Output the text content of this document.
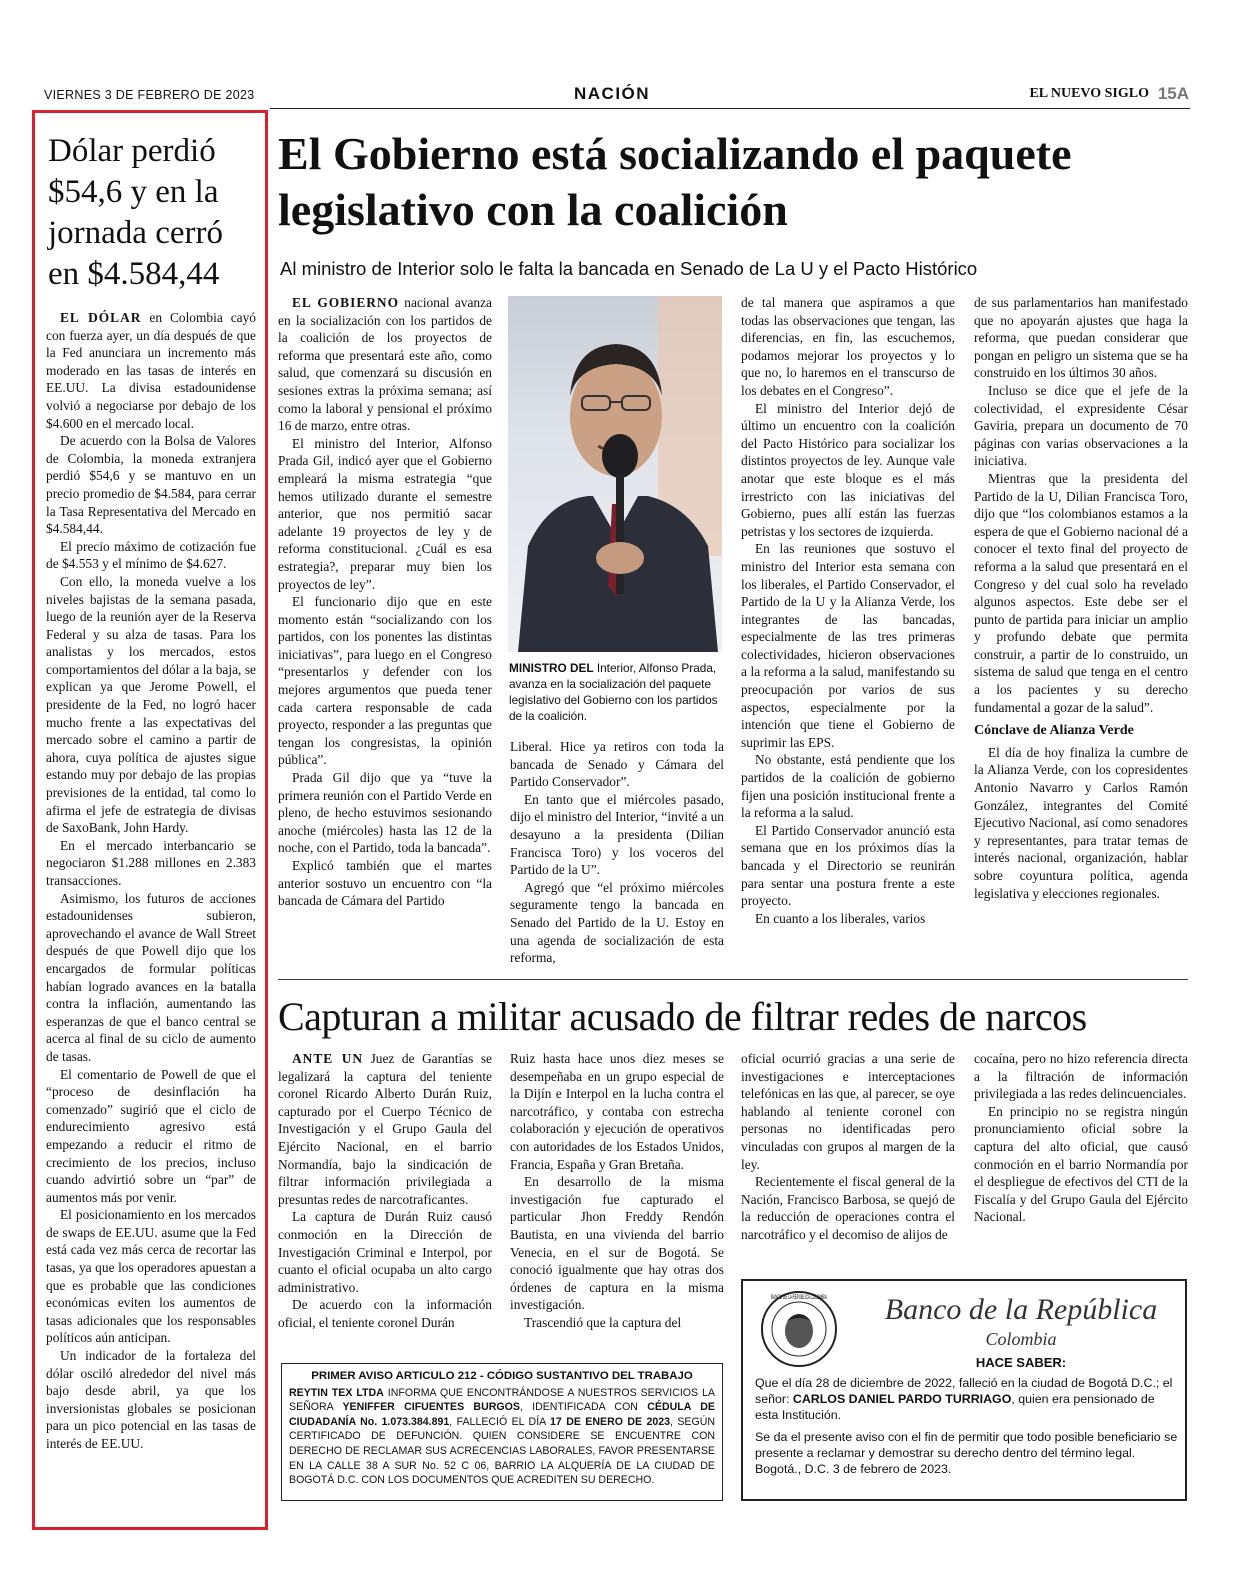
VIERNES 3 DE FEBRERO DE 2023	NACIÓN	EL NUEVO SIGLO 15A
Dólar perdió $54,6 y en la jornada cerró en $4.584,44

EL DÓLAR en Colombia cayó con fuerza ayer, un día después de que la Fed anunciara un incremento más moderado en las tasas de interés en EE.UU. La divisa estadounidense volvió a negociarse por debajo de los $4.600 en el mercado local.

De acuerdo con la Bolsa de Valores de Colombia, la moneda extranjera perdió $54,6 y se mantuvo en un precio promedio de $4.584, para cerrar la Tasa Representativa del Mercado en $4.584,44.

El precio máximo de cotización fue de $4.553 y el mínimo de $4.627.

Con ello, la moneda vuelve a los niveles bajistas de la semana pasada, luego de la reunión ayer de la Reserva Federal y su alza de tasas. Para los analistas y los mercados, estos comportamientos del dólar a la baja, se explican ya que Jerome Powell, el presidente de la Fed, no logró hacer mucho frente a las expectativas del mercado sobre el camino a partir de ahora, cuya política de ajustes sigue estando muy por debajo de las propias previsiones de la entidad, tal como lo afirma el jefe de estrategia de divisas de SaxoBank, John Hardy.

En el mercado interbancario se negociaron $1.288 millones en 2.383 transacciones.

Asimismo, los futuros de acciones estadounidenses subieron, aprovechando el avance de Wall Street después de que Powell dijo que los encargados de formular políticas habían logrado avances en la batalla contra la inflación, aumentando las esperanzas de que el banco central se acerca al final de su ciclo de aumento de tasas.

El comentario de Powell de que el “proceso de desinflación ha comenzado” sugirió que el ciclo de endurecimiento agresivo está empezando a reducir el ritmo de crecimiento de los precios, incluso cuando advirtió sobre un “par” de aumentos más por venir.

El posicionamiento en los mercados de swaps de EE.UU. asume que la Fed está cada vez más cerca de recortar las tasas, ya que los operadores apuestan a que es probable que las condiciones económicas eviten los aumentos de tasas adicionales que los responsables políticos aún anticipan.

Un indicador de la fortaleza del dólar osciló alrededor del nivel más bajo desde abril, ya que los inversionistas globales se posicionan para un pico potencial en las tasas de interés de EE.UU.

El Gobierno está socializando el paquete legislativo con la coalición
Al ministro de Interior solo le falta la bancada en Senado de La U y el Pacto Histórico

EL GOBIERNO nacional avanza en la socialización con los partidos de la coalición de los proyectos de reforma que presentará este año, como salud, que comenzará su discusión en sesiones extras la próxima semana; así como la laboral y pensional el próximo 16 de marzo, entre otras.

El ministro del Interior, Alfonso Prada Gil, indicó ayer que el Gobierno empleará la misma estrategia “que hemos utilizado durante el semestre anterior, que nos permitió sacar adelante 19 proyectos de ley y de reforma constitucional. ¿Cuál es esa estrategia?, preparar muy bien los proyectos de ley”.

El funcionario dijo que en este momento están “socializando con los partidos, con los ponentes las distintas iniciativas”, para luego en el Congreso “presentarlos y defender con los mejores argumentos que pueda tener cada cartera responsable de cada proyecto, responder a las preguntas que tengan los congresistas, la opinión pública”.

Prada Gil dijo que ya “tuve la primera reunión con el Partido Verde en pleno, de hecho estuvimos sesionando anoche (miércoles) hasta las 12 de la noche, con el Partido, toda la bancada”.

Explicó también que el martes anterior sostuvo un encuentro con “la bancada de Cámara del Partido

MINISTRO DEL Interior, Alfonso Prada, avanza en la socialización del paquete legislativo del Gobierno con los partidos de la coalición.

Liberal. Hice ya retiros con toda la bancada de Senado y Cámara del Partido Conservador”.

En tanto que el miércoles pasado, dijo el ministro del Interior, “invité a un desayuno a la presidenta (Dilian Francisca Toro) y los voceros del Partido de la U”.

Agregó que “el próximo miércoles seguramente tengo la bancada en Senado del Partido de la U. Estoy en una agenda de socialización de esta reforma,

de tal manera que aspiramos a que todas las observaciones que tengan, las diferencias, en fin, las escuchemos, podamos mejorar los proyectos y lo que no, lo haremos en el transcurso de los debates en el Congreso”.

El ministro del Interior dejó de último un encuentro con la coalición del Pacto Histórico para socializar los distintos proyectos de ley. Aunque vale anotar que este bloque es el más irrestricto con las iniciativas del Gobierno, pues allí están las fuerzas petristas y los sectores de izquierda.

En las reuniones que sostuvo el ministro del Interior esta semana con los liberales, el Partido Conservador, el Partido de la U y la Alianza Verde, los integrantes de las bancadas, especialmente de las tres primeras colectividades, hicieron observaciones a la reforma a la salud, manifestando su preocupación por varios de sus aspectos, especialmente por la intención que tiene el Gobierno de suprimir las EPS.

No obstante, está pendiente que los partidos de la coalición de gobierno fijen una posición institucional frente a la reforma a la salud.

El Partido Conservador anunció esta semana que en los próximos días la bancada y el Directorio se reunirán para sentar una postura frente a este proyecto.

En cuanto a los liberales, varios

de sus parlamentarios han manifestado que no apoyarán ajustes que haga la reforma, que puedan considerar que pongan en peligro un sistema que se ha construido en los últimos 30 años.

Incluso se dice que el jefe de la colectividad, el expresidente César Gaviria, prepara un documento de 70 páginas con varias observaciones a la iniciativa.

Mientras que la presidenta del Partido de la U, Dilian Francisca Toro, dijo que “los colombianos estamos a la espera de que el Gobierno nacional dé a conocer el texto final del proyecto de reforma a la salud que presentará en el Congreso y del cual solo ha revelado algunos aspectos. Este debe ser el punto de partida para iniciar un amplio y profundo debate que permita construir, a partir de lo construido, un sistema de salud que tenga en el centro a los pacientes y su derecho fundamental a gozar de la salud”.

Cónclave de Alianza Verde

El día de hoy finaliza la cumbre de la Alianza Verde, con los copresidentes Antonio Navarro y Carlos Ramón González, integrantes del Comité Ejecutivo Nacional, así como senadores y representantes, para tratar temas de interés nacional, organización, hablar sobre coyuntura política, agenda legislativa y elecciones regionales.

Capturan a militar acusado de filtrar redes de narcos

ANTE UN Juez de Garantías se legalizará la captura del teniente coronel Ricardo Alberto Durán Ruiz, capturado por el Cuerpo Técnico de Investigación y el Grupo Gaula del Ejército Nacional, en el barrio Normandía, bajo la sindicación de filtrar información privilegiada a presuntas redes de narcotraficantes.

La captura de Durán Ruiz causó conmoción en la Dirección de Investigación Criminal e Interpol, por cuanto el oficial ocupaba un alto cargo administrativo.

De acuerdo con la información oficial, el teniente coronel Durán

Ruiz hasta hace unos diez meses se desempeñaba en un grupo especial de la Dijín e Interpol en la lucha contra el narcotráfico, y contaba con estrecha colaboración y ejecución de operativos con autoridades de los Estados Unidos, Francia, España y Gran Bretaña.

En desarrollo de la misma investigación fue capturado el particular Jhon Freddy Rendón Bautista, en una vivienda del barrio Venecia, en el sur de Bogotá. Se conoció igualmente que hay otras dos órdenes de captura en la misma investigación.

Trascendió que la captura del

oficial ocurrió gracias a una serie de investigaciones e interceptaciones telefónicas en las que, al parecer, se oye hablando al teniente coronel con personas no identificadas pero vinculadas con grupos al margen de la ley.

Recientemente el fiscal general de la Nación, Francisco Barbosa, se quejó de la reducción de operaciones contra el narcotráfico y el decomiso de alijos de

cocaína, pero no hizo referencia directa a la filtración de información privilegiada a las redes delincuenciales.

En principio no se registra ningún pronunciamiento oficial sobre la captura del alto oficial, que causó conmoción en el barrio Normandía por el despliegue de efectivos del CTI de la Fiscalía y del Grupo Gaula del Ejército Nacional.

PRIMER AVISO ARTICULO 212 - CÓDIGO SUSTANTIVO DEL TRABAJO

REYTIN TEX LTDA INFORMA QUE ENCONTRÁNDOSE A NUESTROS SERVICIOS LA SEÑORA YENIFFER CIFUENTES BURGOS, IDENTIFICADA CON CÉDULA DE CIUDADANÍA No. 1.073.384.891, FALLECIÓ EL DÍA 17 DE ENERO DE 2023, SEGÚN CERTIFICADO DE DEFUNCIÓN. QUIEN CONSIDERE SE ENCUENTRE CON DERECHO DE RECLAMAR SUS ACRECENCIAS LABORALES, FAVOR PRESENTARSE EN LA CALLE 38 A SUR No. 52 C 06, BARRIO LA ALQUERÍA DE LA CIUDAD DE BOGOTÁ D.C. CON LOS DOCUMENTOS QUE ACREDITEN SU DERECHO.

BANCO DE LA REPÚBLICA COLOMBIA Banco de la República
Colombia
HACE SABER:
Que el día 28 de diciembre de 2022, falleció en la ciudad de Bogotá D.C.; el señor: CARLOS DANIEL PARDO TURRIAGO, quien era pensionado de esta Institución.
Se da el presente aviso con el fin de permitir que todo posible beneficiario se presente a reclamar y demostrar su derecho dentro del término legal.
Bogotá., D.C. 3 de febrero de 2023.
